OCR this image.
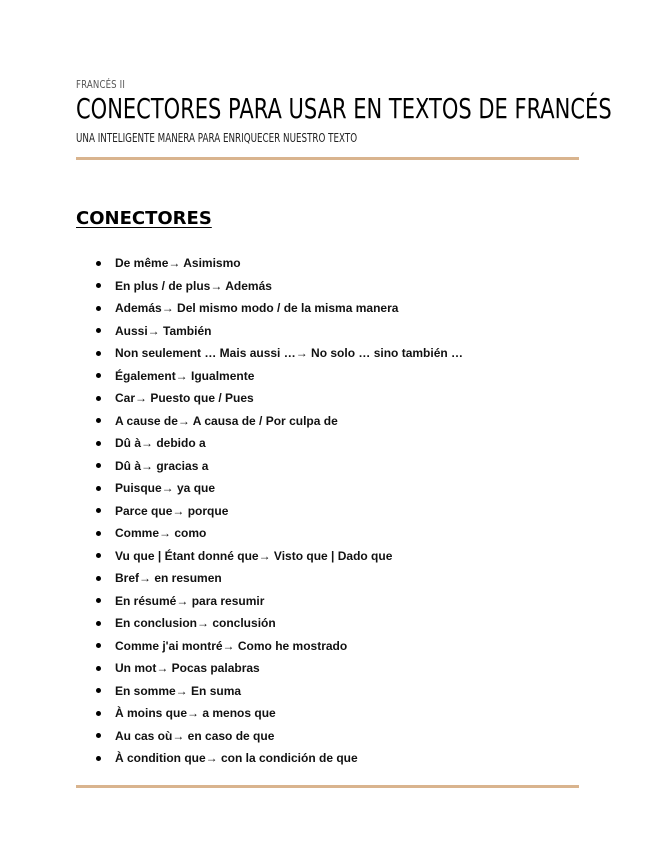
FRANCÉS II
CONECTORES PARA USAR EN TEXTOS DE FRANCÉS
UNA INTELIGENTE MANERA PARA ENRIQUECER NUESTRO TEXTO
CONECTORES
De même→ Asimismo
En plus / de plus→ Además
Además→ Del mismo modo / de la misma manera
Aussi→ También
Non seulement … Mais aussi …→ No solo … sino también …
Également→ Igualmente
Car→ Puesto que / Pues
A cause de→ A causa de / Por culpa de
Dû à→ debido a
Dû à→ gracias a
Puisque→ ya que
Parce que→ porque
Comme→ como
Vu que | Étant donné que→ Visto que | Dado que
Bref→ en resumen
En résumé→ para resumir
En conclusion→ conclusión
Comme j'ai montré→ Como he mostrado
Un mot→ Pocas palabras
En somme→ En suma
À moins que→ a menos que
Au cas où→ en caso de que
À condition que→ con la condición de que
